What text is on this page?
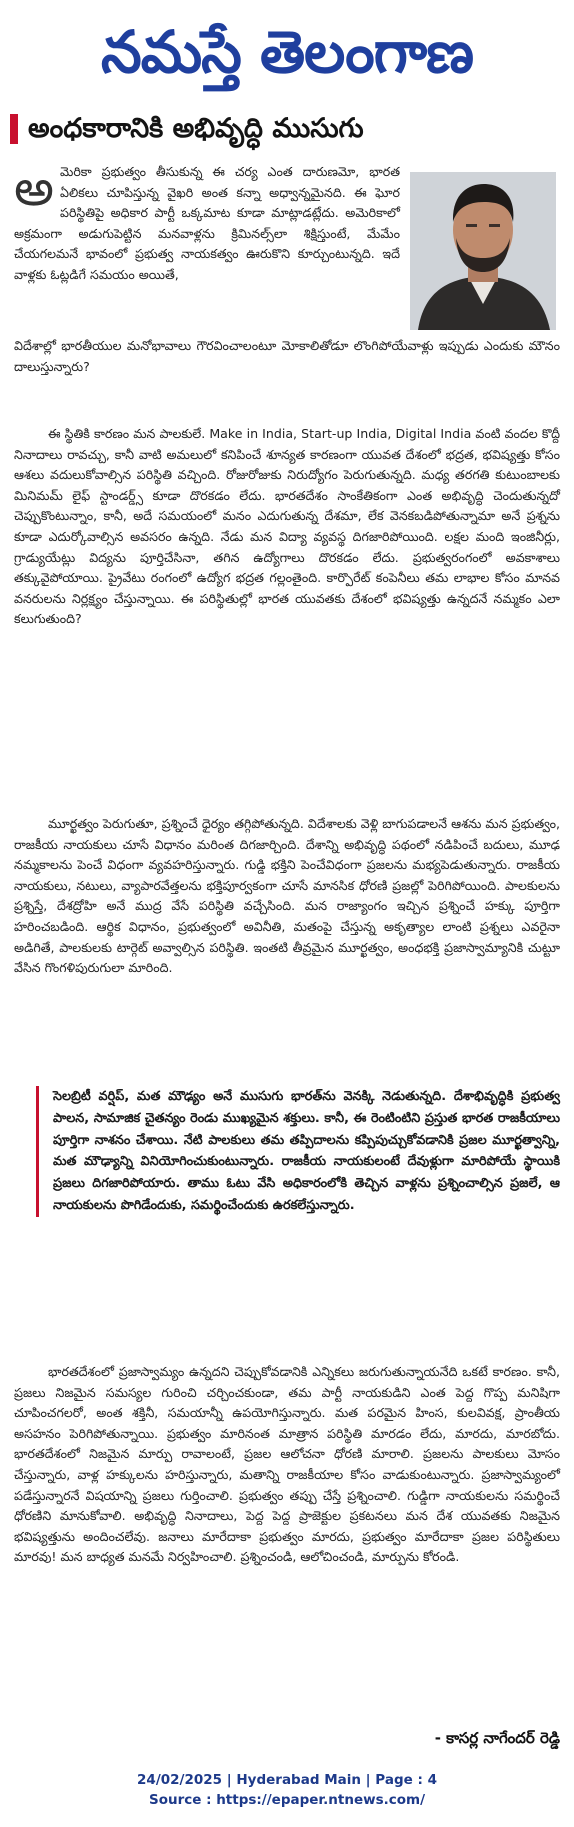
నమస్తే తెలంగాణ
అంధకారానికి అభివృద్ధి ముసుగు
అమెరికా ప్రభుత్వం తీసుకున్న ఈ చర్య ఎంత దారుణమో, భారత ఏలికలు చూపిస్తున్న వైఖరి అంత కన్నా అధ్వాన్నమైనది. ఈ ఘోర పరిస్థితిపై అధికార పార్టీ ఒక్కమాట కూడా మాట్లాడట్లేదు. అమెరికాలో అక్రమంగా అడుగుపెట్టిన మనవాళ్లను క్రిమినల్స్‌లా శిక్షిస్తుంటే, మేమేం చేయగలమనే భావంలో ప్రభుత్వ నాయకత్వం ఊరుకొని కూర్చుంటున్నది. ఇదే వాళ్లకు ఓట్లడిగే సమయం అయితే,
విదేశాల్లో భారతీయుల మనోభావాలు గౌరవించాలంటూ మోకాలితోడూ లొంగిపోయేవాళ్లు ఇప్పుడు ఎందుకు మౌనం దాలుస్తున్నారు?
ఈ స్థితికి కారణం మన పాలకులే. Make in India, Start-up India, Digital India వంటి వందల కొద్దీ నినాదాలు రావచ్చు, కానీ వాటి అమలులో కనిపించే శూన్యత కారణంగా యువత దేశంలో భద్రత, భవిష్యత్తు కోసం ఆశలు వదులుకోవాల్సిన పరిస్థితి వచ్చింది. రోజురోజుకు నిరుద్యోగం పెరుగుతున్నది. మధ్య తరగతి కుటుంబాలకు మినిమమ్ లైఫ్ స్టాండర్డ్స్ కూడా దొరకడం లేదు. భారతదేశం సాంకేతికంగా ఎంత అభివృద్ధి చెందుతున్నదో చెప్పుకొంటున్నాం, కానీ, అదే సమయంలో మనం ఎదుగుతున్న దేశమా, లేక వెనకబడిపోతున్నామా అనే ప్రశ్నను కూడా ఎదుర్కోవాల్సిన అవసరం ఉన్నది. నేడు మన విద్యా వ్యవస్థ దిగజారిపోయింది. లక్షల మంది ఇంజినీర్లు, గ్రాడ్యుయేట్లు విద్యను పూర్తిచేసినా, తగిన ఉద్యోగాలు దొరకడం లేదు. ప్రభుత్వరంగంలో అవకాశాలు తక్కువైపోయాయి. ప్రైవేటు రంగంలో ఉద్యోగ భద్రత గల్లంతైంది. కార్పొరేట్ కంపెనీలు తమ లాభాల కోసం మానవ వనరులను నిర్లక్ష్యం చేస్తున్నాయి. ఈ పరిస్థితుల్లో భారత యువతకు దేశంలో భవిష్యత్తు ఉన్నదనే నమ్మకం ఎలా కలుగుతుంది?
మూర్ఖత్వం పెరుగుతూ, ప్రశ్నించే ధైర్యం తగ్గిపోతున్నది. విదేశాలకు వెళ్లి బాగుపడాలనే ఆశను మన ప్రభుత్వం, రాజకీయ నాయకులు చూసే విధానం మరింత దిగజార్చింది. దేశాన్ని అభివృద్ధి పథంలో నడిపించే బదులు, మూఢ నమ్మకాలను పెంచే విధంగా వ్యవహరిస్తున్నారు. గుడ్డి భక్తిని పెంచేవిధంగా ప్రజలను మభ్యపెడుతున్నారు. రాజకీయ నాయకులు, నటులు, వ్యాపారవేత్తలను భక్తిపూర్వకంగా చూసే మానసిక ధోరణి ప్రజల్లో పెరిగిపోయింది. పాలకులను ప్రశ్నిస్తే, దేశద్రోహి అనే ముద్ర వేసే పరిస్థితి వచ్చేసింది. మన రాజ్యాంగం ఇచ్చిన ప్రశ్నించే హక్కు పూర్తిగా హరించబడింది. ఆర్థిక విధానం, ప్రభుత్వంలో అవినీతి, మతంపై చేస్తున్న అకృత్యాల లాంటి ప్రశ్నలు ఎవరైనా అడిగితే, పాలకులకు టార్గెట్ అవ్వాల్సిన పరిస్థితి. ఇంతటి తీవ్రమైన మూర్ఖత్వం, అంధభక్తి ప్రజాస్వామ్యానికి చుట్టూ వేసిన గొంగళిపురుగులా మారింది.
సెలబ్రిటీ వర్షిప్, మత మౌఢ్యం అనే ముసుగు భారత్‌ను వెనక్కి నెడుతున్నది. దేశాభివృద్ధికి ప్రభుత్వ పాలన, సామాజిక చైతన్యం రెండు ముఖ్యమైన శక్తులు. కానీ, ఈ రెంటింటిని ప్రస్తుత భారత రాజకీయాలు పూర్తిగా నాశనం చేశాయి. నేటి పాలకులు తమ తప్పిదాలను కప్పిపుచ్చుకోవడానికి ప్రజల మూర్ఖత్వాన్ని, మత మౌఢ్యాన్ని వినియోగించుకుంటున్నారు. రాజకీయ నాయకులంటే దేవుళ్లుగా మారిపోయే స్థాయికి ప్రజలు దిగజారిపోయారు. తాము ఓటు వేసి అధికారంలోకి తెచ్చిన వాళ్లను ప్రశ్నించాల్సిన ప్రజలే, ఆ నాయకులను పొగిడేందుకు, సమర్థించేందుకు ఉరకలేస్తున్నారు.
భారతదేశంలో ప్రజాస్వామ్యం ఉన్నదని చెప్పుకోవడానికి ఎన్నికలు జరుగుతున్నాయనేది ఒకటే కారణం. కానీ, ప్రజలు నిజమైన సమస్యల గురించి చర్చించకుండా, తమ పార్టీ నాయకుడిని ఎంత పెద్ద గొప్ప మనిషిగా చూపించగలరో, అంత శక్తినీ, సమయాన్నీ ఉపయోగిస్తున్నారు. మత పరమైన హింస, కులవివక్ష, ప్రాంతీయ అసహనం పెరిగిపోతున్నాయి. ప్రభుత్వం మారినంత మాత్రాన పరిస్థితి మారడం లేదు, మారదు, మారబోదు. భారతదేశంలో నిజమైన మార్పు రావాలంటే, ప్రజల ఆలోచనా ధోరణి మారాలి. ప్రజలను పాలకులు మోసం చేస్తున్నారు, వాళ్ల హక్కులను హరిస్తున్నారు, మతాన్ని రాజకీయాల కోసం వాడుకుంటున్నారు. ప్రజాస్వామ్యంలో పడేస్తున్నారనే విషయాన్ని ప్రజలు గుర్తించాలి. ప్రభుత్వం తప్పు చేస్తే ప్రశ్నించాలి. గుడ్డిగా నాయకులను సమర్థించే ధోరణిని మానుకోవాలి. అభివృద్ధి నినాదాలు, పెద్ద పెద్ద ప్రాజెక్టుల ప్రకటనలు మన దేశ యువతకు నిజమైన భవిష్యత్తును అందించలేవు. జనాలు మారేదాకా ప్రభుత్వం మారదు, ప్రభుత్వం మారేదాకా ప్రజల పరిస్థితులు మారవు! మన బాధ్యత మనమే నిర్వహించాలి. ప్రశ్నించండి, ఆలోచించండి, మార్పును కోరండి.
- కాసర్ల నాగేందర్ రెడ్డి
24/02/2025 | Hyderabad Main | Page : 4
Source : https://epaper.ntnews.com/
